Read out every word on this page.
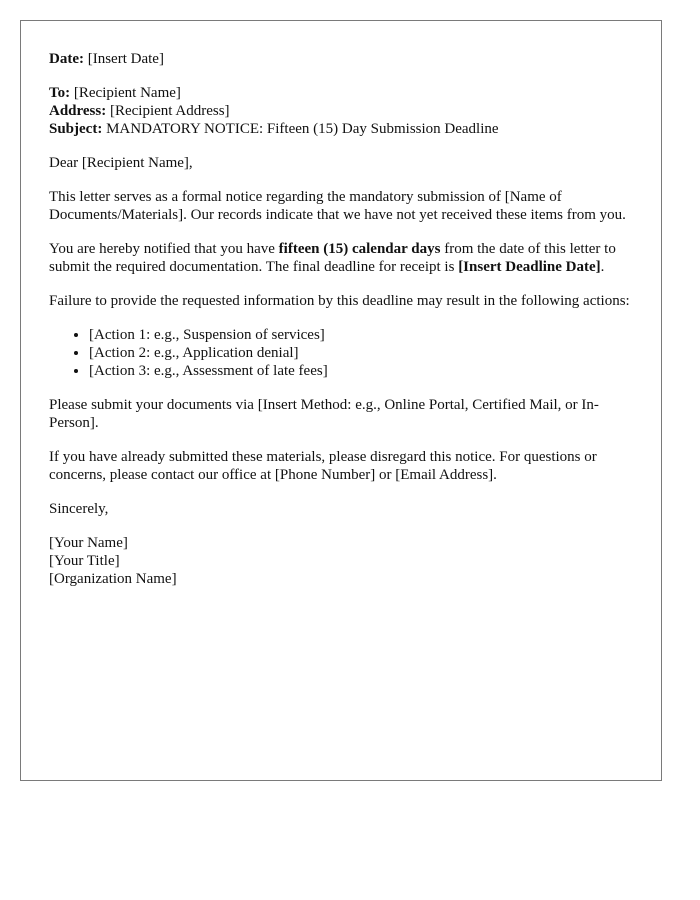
Date: [Insert Date]

To: [Recipient Name]
Address: [Recipient Address]
Subject: MANDATORY NOTICE: Fifteen (15) Day Submission Deadline

Dear [Recipient Name],

This letter serves as a formal notice regarding the mandatory submission of [Name of Documents/Materials]. Our records indicate that we have not yet received these items from you.

You are hereby notified that you have fifteen (15) calendar days from the date of this letter to submit the required documentation. The final deadline for receipt is [Insert Deadline Date].

Failure to provide the requested information by this deadline may result in the following actions:

• [Action 1: e.g., Suspension of services]
• [Action 2: e.g., Application denial]
• [Action 3: e.g., Assessment of late fees]

Please submit your documents via [Insert Method: e.g., Online Portal, Certified Mail, or In-Person].

If you have already submitted these materials, please disregard this notice. For questions or concerns, please contact our office at [Phone Number] or [Email Address].

Sincerely,

[Your Name]
[Your Title]
[Organization Name]
